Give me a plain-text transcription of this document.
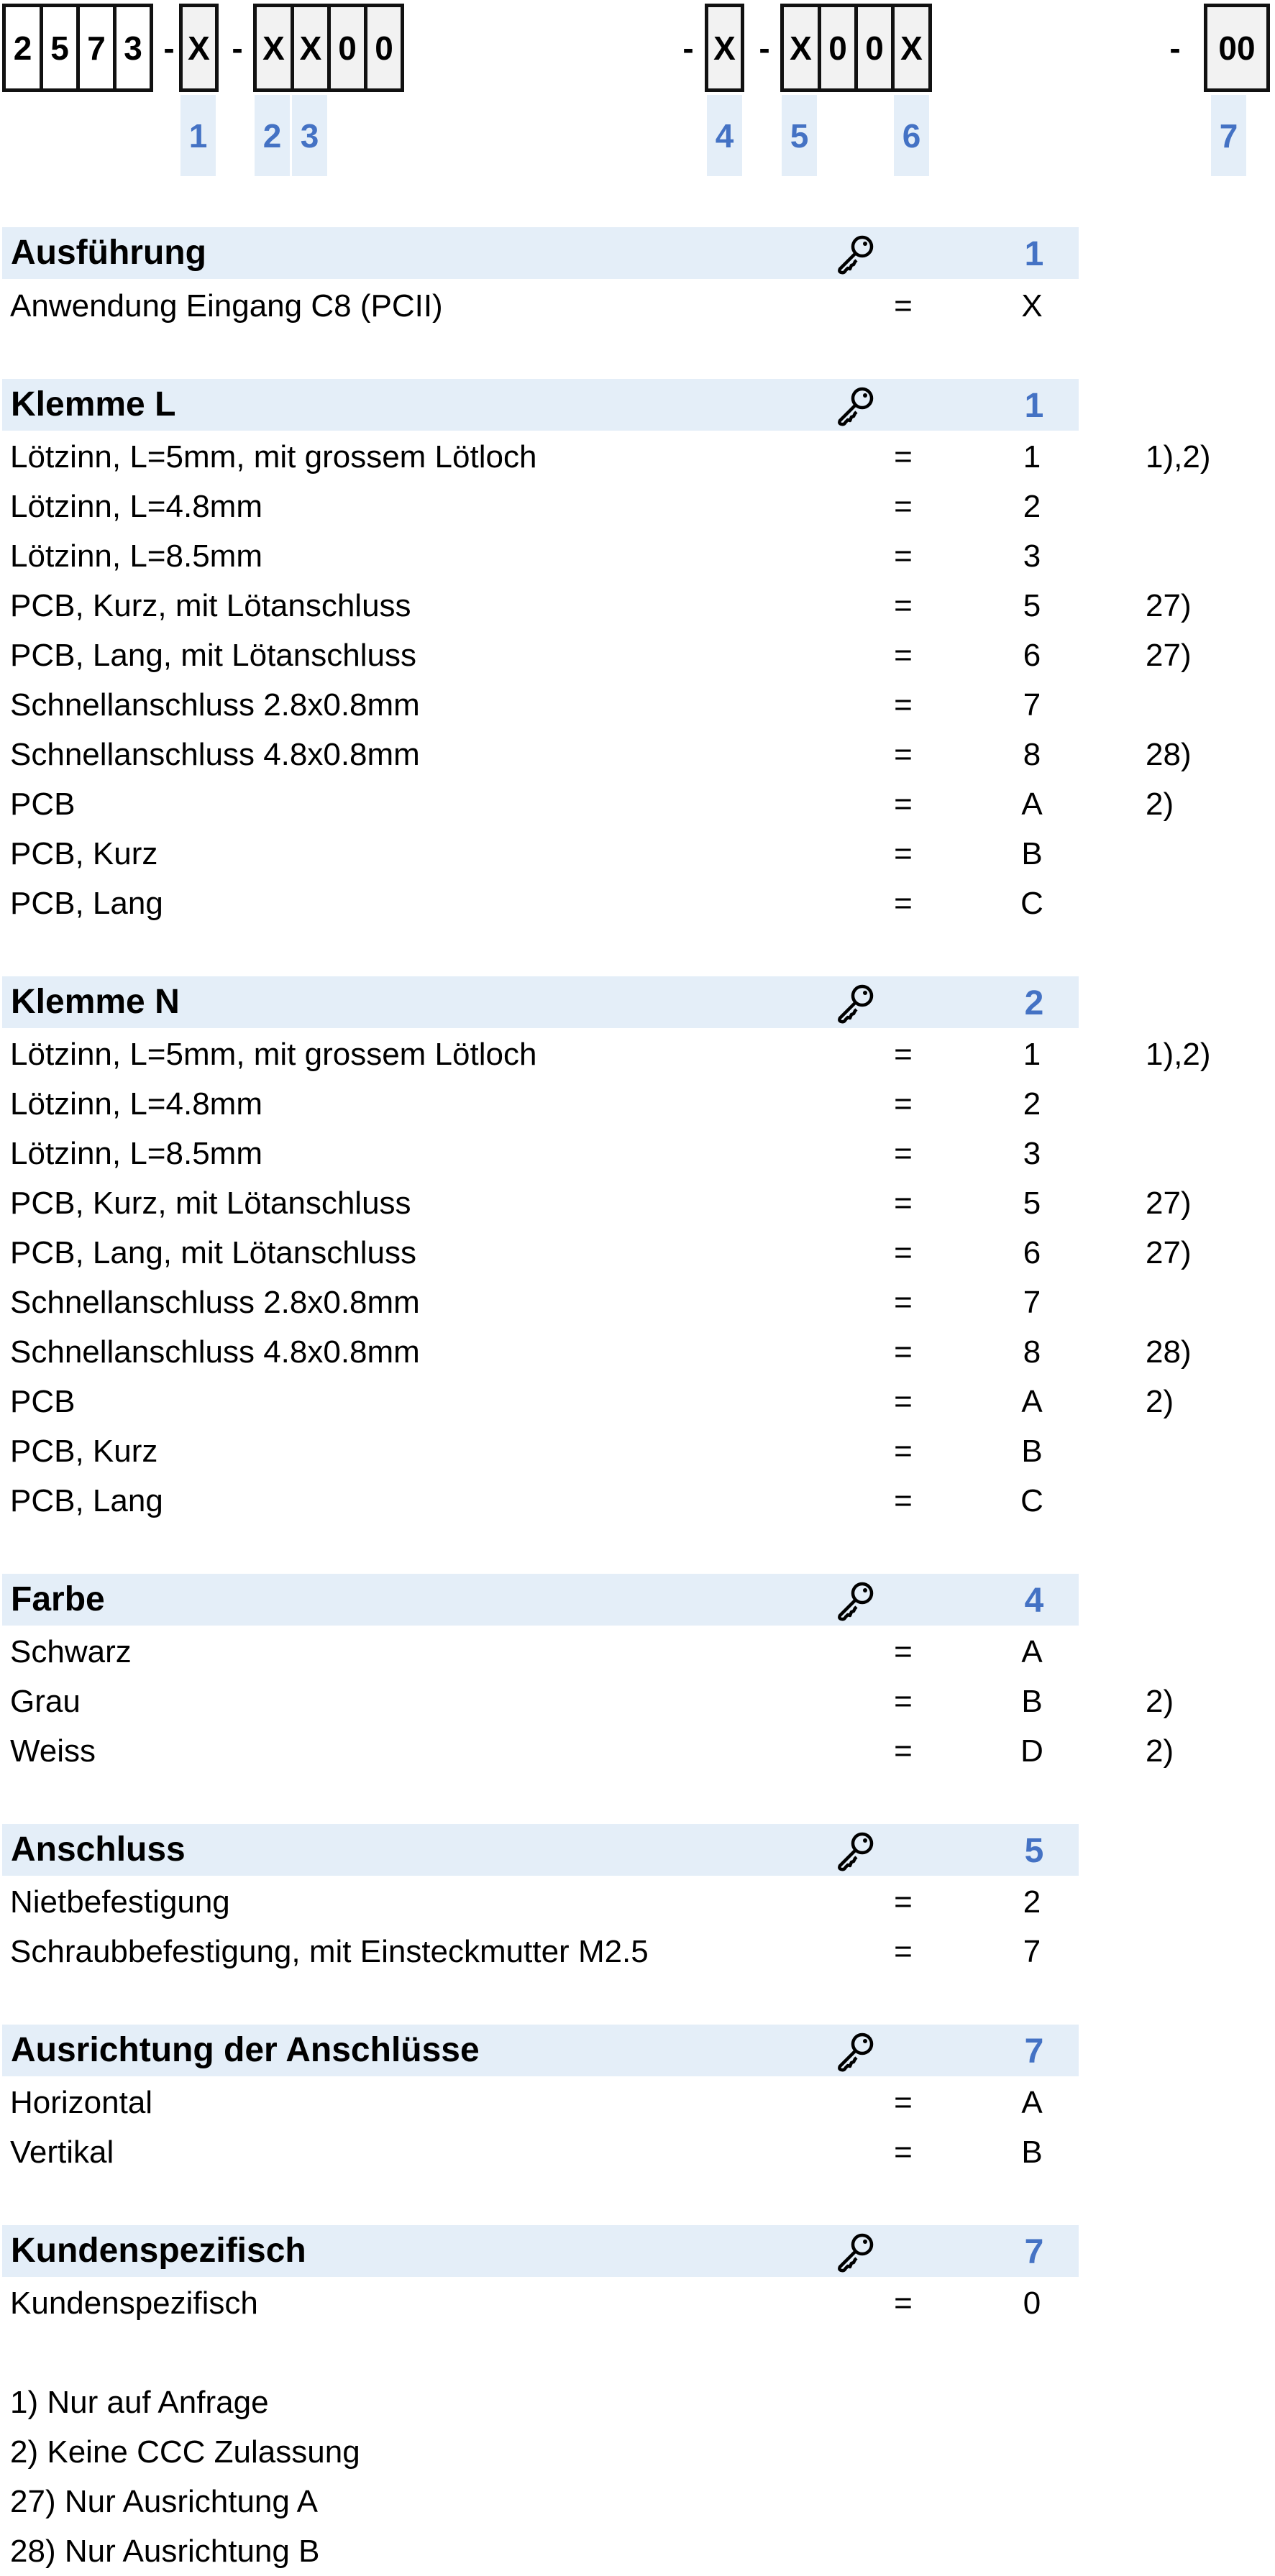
2 5 7 3 - X - X X 0 0	- X - X 0 0 X	-	00
1 2 3	4 5	6	7
Ausführung	1
Anwendung Eingang C8 (PCII)	=	X
Klemme L	1
Lötzinn, L=5mm, mit grossem Lötloch	=	1	1),2)
Lötzinn, L=4.8mm	=	2
Lötzinn, L=8.5mm	=	3
PCB, Kurz, mit Lötanschluss	=	5	27)
PCB, Lang, mit Lötanschluss	=	6	27)
Schnellanschluss 2.8x0.8mm	=	7
Schnellanschluss 4.8x0.8mm	=	8	28)
PCB	=	A	2)
PCB, Kurz	=	B
PCB, Lang	=	C
Klemme N	2
Lötzinn, L=5mm, mit grossem Lötloch	=	1	1),2)
Lötzinn, L=4.8mm	=	2
Lötzinn, L=8.5mm	=	3
PCB, Kurz, mit Lötanschluss	=	5	27)
PCB, Lang, mit Lötanschluss	=	6	27)
Schnellanschluss 2.8x0.8mm	=	7
Schnellanschluss 4.8x0.8mm	=	8	28)
PCB	=	A	2)
PCB, Kurz	=	B
PCB, Lang	=	C
Farbe	4
Schwarz	=	A
Grau	=	B	2)
Weiss	=	D	2)
Anschluss	5
Nietbefestigung	=	2
Schraubbefestigung, mit Einsteckmutter M2.5	=	7
Ausrichtung der Anschlüsse	7
Horizontal	=	A
Vertikal	=	B
Kundenspezifisch	7
Kundenspezifisch	=	0
1) Nur auf Anfrage
2) Keine CCC Zulassung
27) Nur Ausrichtung A
28) Nur Ausrichtung B
